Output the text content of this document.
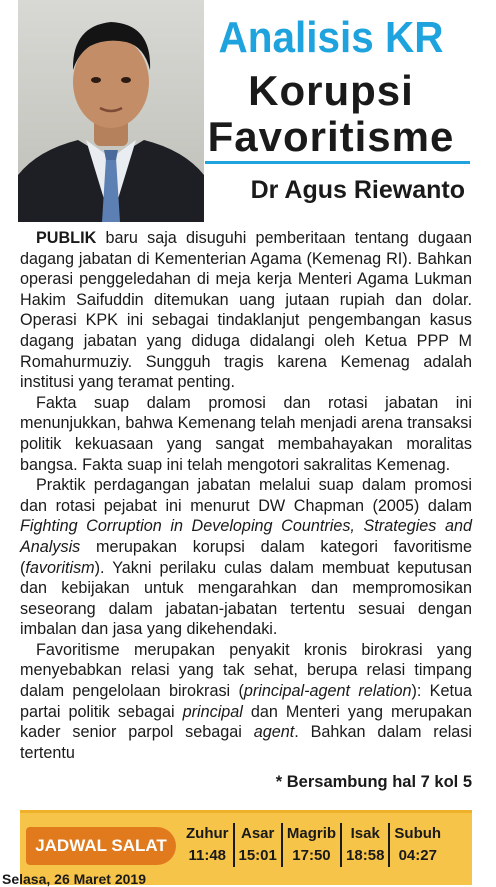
Analisis KR
Korupsi
Favoritisme
Dr Agus Riewanto

PUBLIK baru saja disuguhi pemberitaan tentang dugaan dagang jabatan di Kementerian Agama (Kemenag RI). Bahkan operasi penggeledahan di meja kerja Menteri Agama Lukman Hakim Saifuddin ditemukan uang jutaan rupiah dan dolar. Operasi KPK ini sebagai tindaklanjut pengembangan kasus dagang jabatan yang diduga didalangi oleh Ketua PPP M Romahurmuziy. Sungguh tragis karena Kemenag adalah institusi yang teramat penting.

Fakta suap dalam promosi dan rotasi jabatan ini menunjukkan, bahwa Kemenang telah menjadi arena transaksi politik kekuasaan yang sangat membahayakan moralitas bangsa. Fakta suap ini telah mengotori sakralitas Kemenag.

Praktik perdagangan jabatan melalui suap dalam promosi dan rotasi pejabat ini menurut DW Chapman (2005) dalam Fighting Corruption in Developing Countries, Strategies and Analysis merupakan korupsi dalam kategori favoritisme (favoritism). Yakni perilaku culas dalam membuat keputusan dan kebijakan untuk mengarahkan dan mempromosikan seseorang dalam jabatan-jabatan tertentu sesuai dengan imbalan dan jasa yang dikehendaki.

Favoritisme merupakan penyakit kronis birokrasi yang menyebabkan relasi yang tak sehat, berupa relasi timpang dalam pengelolaan birokrasi (principal-agent relation): Ketua partai politik sebagai principal dan Menteri yang merupakan kader senior parpol sebagai agent. Bahkan dalam relasi tertentu

* Bersambung hal 7 kol 5
JADWAL SALAT
Zuhur	Asar	Magrib	Isak	Subuh
11:48	15:01	17:50	18:58	04:27
Selasa, 26 Maret 2019
